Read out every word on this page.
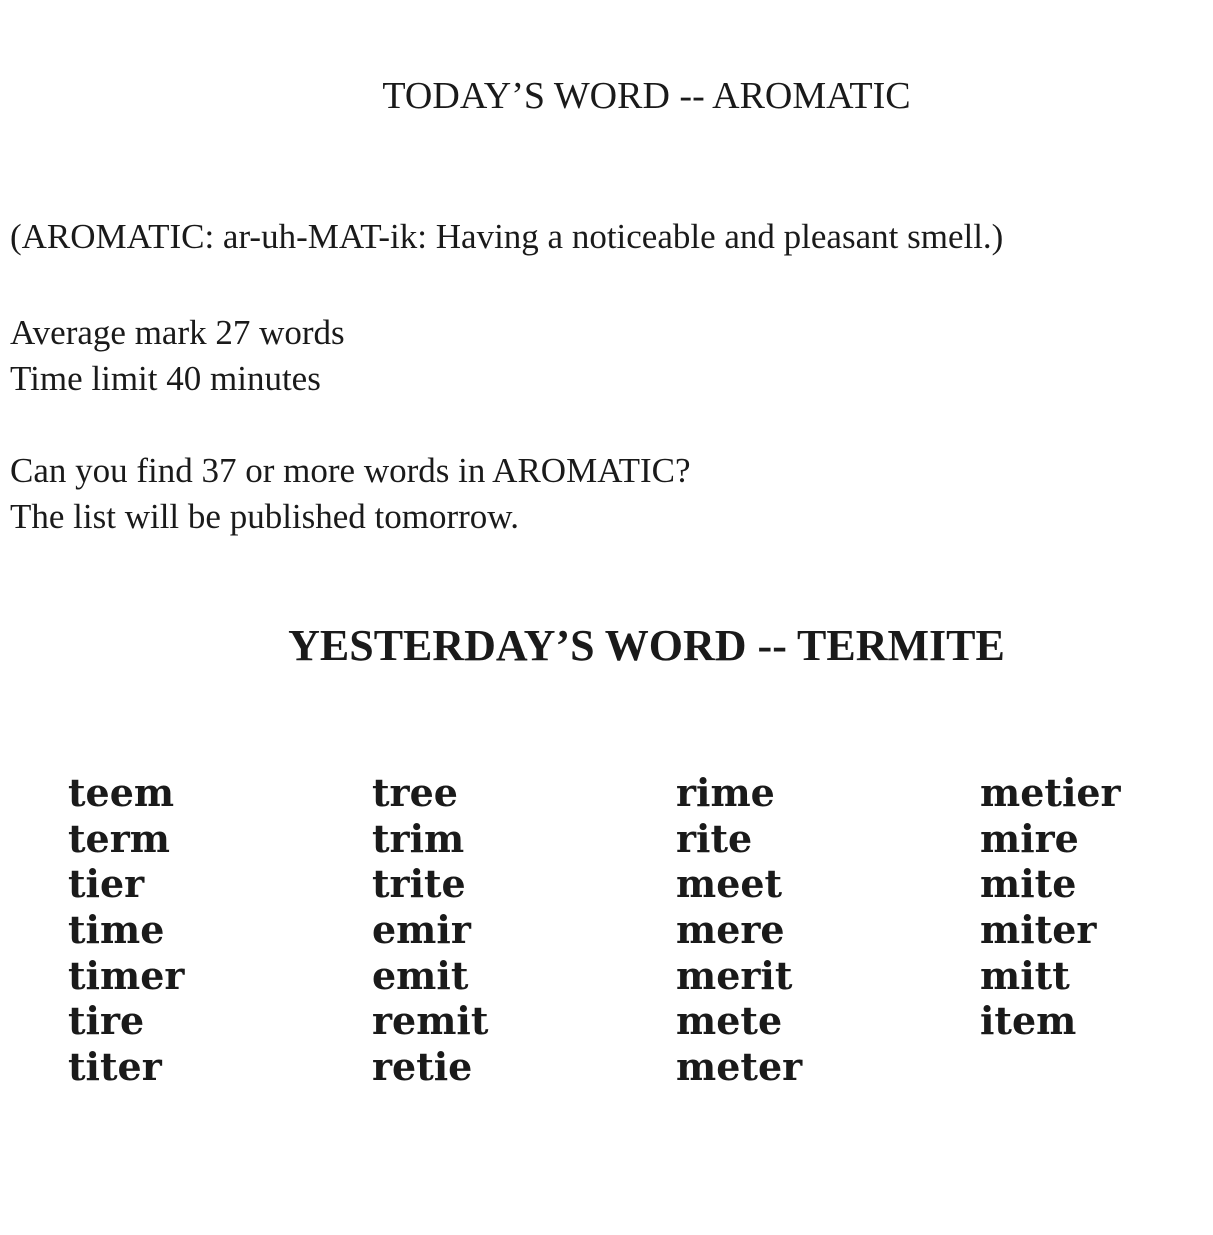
TODAY’S WORD -- AROMATIC
(AROMATIC: ar-uh-MAT-ik: Having a noticeable and pleasant smell.)
Average mark 27 words
Time limit 40 minutes
Can you find 37 or more words in AROMATIC?
The list will be published tomorrow.
YESTERDAY’S WORD -- TERMITE
teem
term
tier
time
timer
tire
titer
tree
trim
trite
emir
emit
remit
retie
rime
rite
meet
mere
merit
mete
meter
metier
mire
mite
miter
mitt
item
